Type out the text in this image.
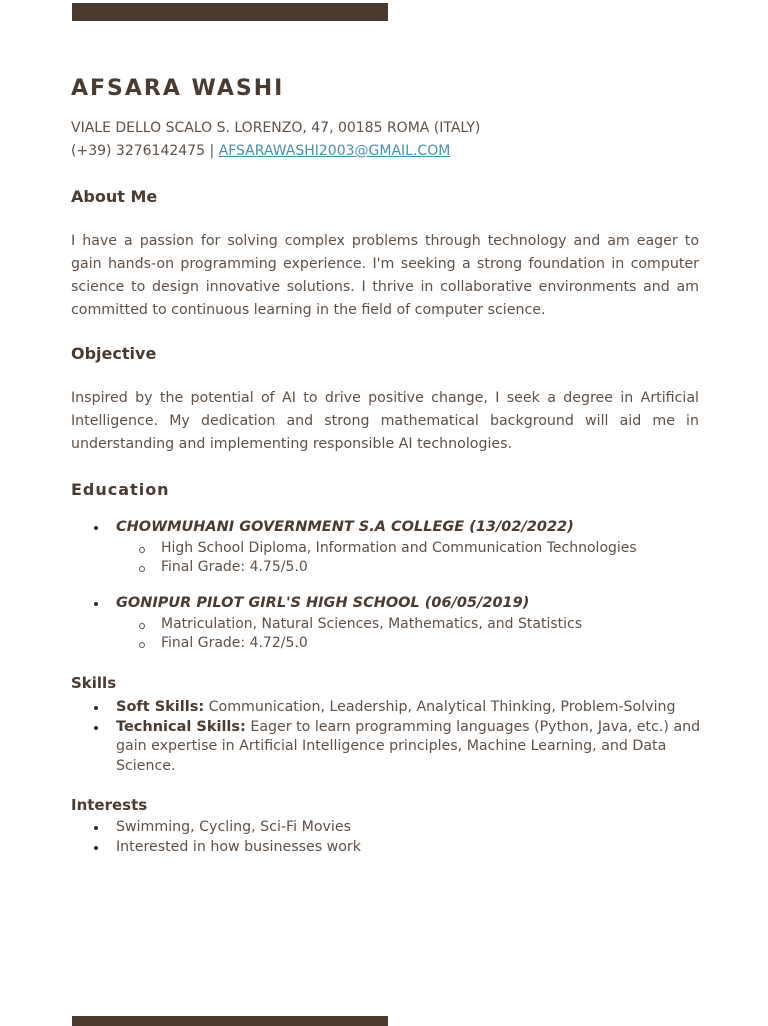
AFSARA WASHI
VIALE DELLO SCALO S. LORENZO, 47, 00185 ROMA (ITALY)
(+39) 3276142475 | AFSARAWASHI2003@GMAIL.COM
About Me

I have a passion for solving complex problems through technology and am eager to gain hands-on programming experience. I'm seeking a strong foundation in computer science to design innovative solutions. I thrive in collaborative environments and am committed to continuous learning in the field of computer science.

Objective

Inspired by the potential of AI to drive positive change, I seek a degree in Artificial Intelligence. My dedication and strong mathematical background will aid me in understanding and implementing responsible AI technologies.

Education
CHOWMUHANI GOVERNMENT S.A COLLEGE (13/02/2022)
High School Diploma, Information and Communication Technologies
Final Grade: 4.75/5.0
GONIPUR PILOT GIRL'S HIGH SCHOOL (06/05/2019)
Matriculation, Natural Sciences, Mathematics, and Statistics
Final Grade: 4.72/5.0
Skills
Soft Skills: Communication, Leadership, Analytical Thinking, Problem-Solving
Technical Skills: Eager to learn programming languages (Python, Java, etc.) and gain expertise in Artificial Intelligence principles, Machine Learning, and Data Science.
Interests
Swimming, Cycling, Sci-Fi Movies
Interested in how businesses work
